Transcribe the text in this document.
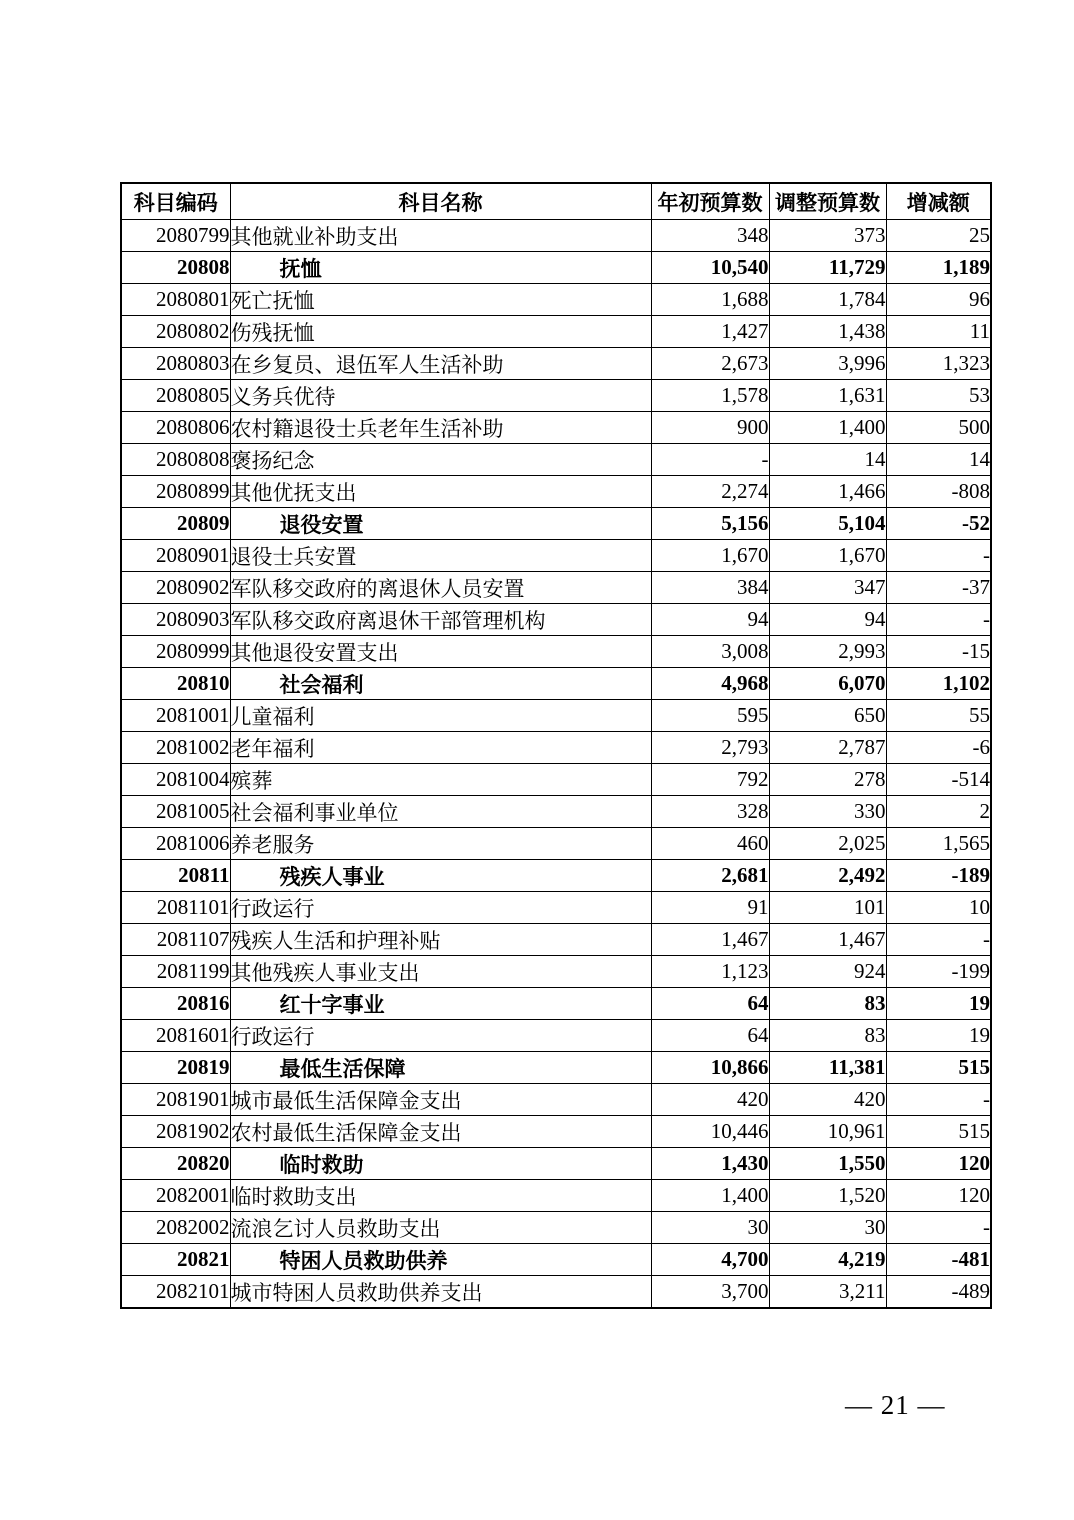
科目编码	科目名称	年初预算数	调整预算数	增减额
2080799	其他就业补助支出	348	373	25
20808	抚恤	10,540	11,729	1,189
2080801	死亡抚恤	1,688	1,784	96
2080802	伤残抚恤	1,427	1,438	11
2080803	在乡复员、退伍军人生活补助	2,673	3,996	1,323
2080805	义务兵优待	1,578	1,631	53
2080806	农村籍退役士兵老年生活补助	900	1,400	500
2080808	褒扬纪念	-	14	14
2080899	其他优抚支出	2,274	1,466	-808
20809	退役安置	5,156	5,104	-52
2080901	退役士兵安置	1,670	1,670	-
2080902	军队移交政府的离退休人员安置	384	347	-37
2080903	军队移交政府离退休干部管理机构	94	94	-
2080999	其他退役安置支出	3,008	2,993	-15
20810	社会福利	4,968	6,070	1,102
2081001	儿童福利	595	650	55
2081002	老年福利	2,793	2,787	-6
2081004	殡葬	792	278	-514
2081005	社会福利事业单位	328	330	2
2081006	养老服务	460	2,025	1,565
20811	残疾人事业	2,681	2,492	-189
2081101	行政运行	91	101	10
2081107	残疾人生活和护理补贴	1,467	1,467	-
2081199	其他残疾人事业支出	1,123	924	-199
20816	红十字事业	64	83	19
2081601	行政运行	64	83	19
20819	最低生活保障	10,866	11,381	515
2081901	城市最低生活保障金支出	420	420	-
2081902	农村最低生活保障金支出	10,446	10,961	515
20820	临时救助	1,430	1,550	120
2082001	临时救助支出	1,400	1,520	120
2082002	流浪乞讨人员救助支出	30	30	-
20821	特困人员救助供养	4,700	4,219	-481
2082101	城市特困人员救助供养支出	3,700	3,211	-489
— 21 —
